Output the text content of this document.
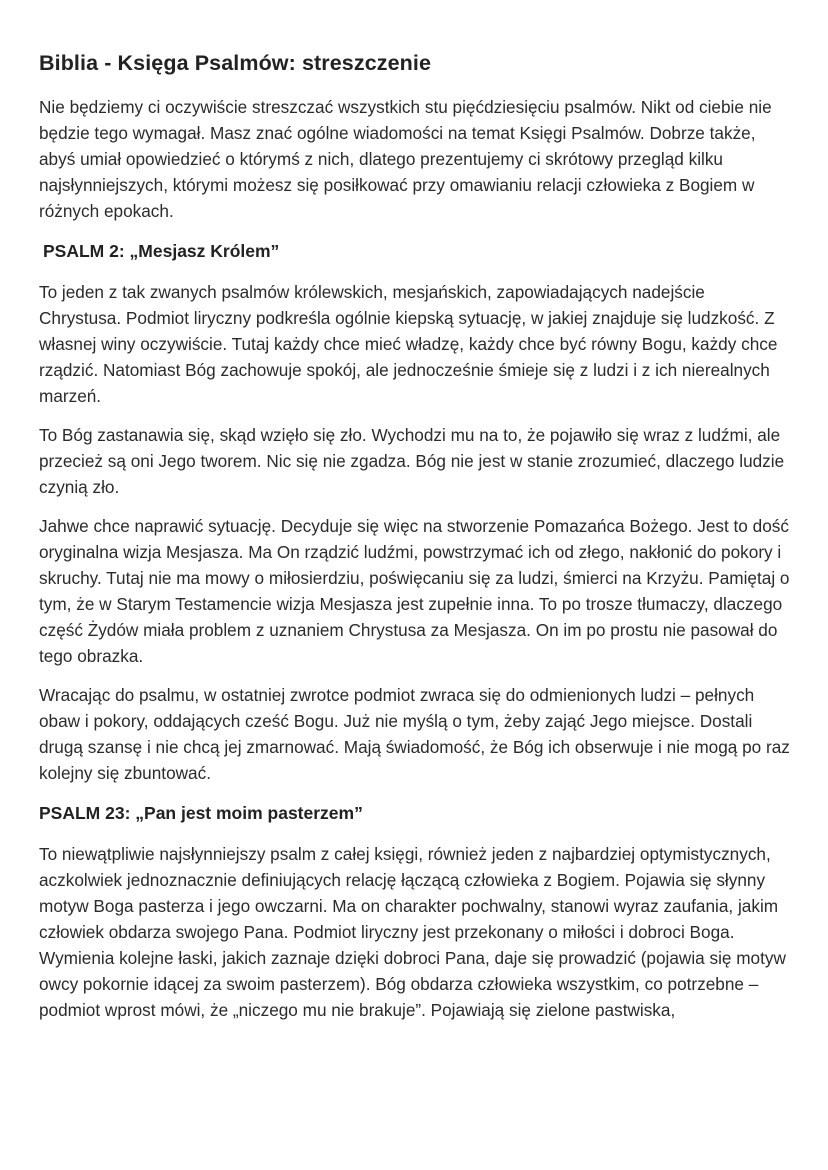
Biblia - Księga Psalmów: streszczenie

Nie będziemy ci oczywiście streszczać wszystkich stu pięćdziesięciu psalmów. Nikt od ciebie nie będzie tego wymagał. Masz znać ogólne wiadomości na temat Księgi Psalmów. Dobrze także, abyś umiał opowiedzieć o którymś z nich, dlatego prezentujemy ci skrótowy przegląd kilku najsłynniejszych, którymi możesz się posiłkować przy omawianiu relacji człowieka z Bogiem w różnych epokach.

PSALM 2: „Mesjasz Królem”

To jeden z tak zwanych psalmów królewskich, mesjańskich, zapowiadających nadejście Chrystusa. Podmiot liryczny podkreśla ogólnie kiepską sytuację, w jakiej znajduje się ludzkość. Z własnej winy oczywiście. Tutaj każdy chce mieć władzę, każdy chce być równy Bogu, każdy chce rządzić. Natomiast Bóg zachowuje spokój, ale jednocześnie śmieje się z ludzi i z ich nierealnych marzeń.

To Bóg zastanawia się, skąd wzięło się zło. Wychodzi mu na to, że pojawiło się wraz z ludźmi, ale przecież są oni Jego tworem. Nic się nie zgadza. Bóg nie jest w stanie zrozumieć, dlaczego ludzie czynią zło.

Jahwe chce naprawić sytuację. Decyduje się więc na stworzenie Pomazańca Bożego. Jest to dość oryginalna wizja Mesjasza. Ma On rządzić ludźmi, powstrzymać ich od złego, nakłonić do pokory i skruchy. Tutaj nie ma mowy o miłosierdziu, poświęcaniu się za ludzi, śmierci na Krzyżu. Pamiętaj o tym, że w Starym Testamencie wizja Mesjasza jest zupełnie inna. To po trosze tłumaczy, dlaczego część Żydów miała problem z uznaniem Chrystusa za Mesjasza. On im po prostu nie pasował do tego obrazka.

Wracając do psalmu, w ostatniej zwrotce podmiot zwraca się do odmienionych ludzi – pełnych obaw i pokory, oddających cześć Bogu. Już nie myślą o tym, żeby zająć Jego miejsce. Dostali drugą szansę i nie chcą jej zmarnować. Mają świadomość, że Bóg ich obserwuje i nie mogą po raz kolejny się zbuntować.

PSALM 23: „Pan jest moim pasterzem”

To niewątpliwie najsłynniejszy psalm z całej księgi, również jeden z najbardziej optymistycznych, aczkolwiek jednoznacznie definiujących relację łączącą człowieka z Bogiem. Pojawia się słynny motyw Boga pasterza i jego owczarni. Ma on charakter pochwalny, stanowi wyraz zaufania, jakim człowiek obdarza swojego Pana. Podmiot liryczny jest przekonany o miłości i dobroci Boga. Wymienia kolejne łaski, jakich zaznaje dzięki dobroci Pana, daje się prowadzić (pojawia się motyw owcy pokornie idącej za swoim pasterzem). Bóg obdarza człowieka wszystkim, co potrzebne – podmiot wprost mówi, że „niczego mu nie brakuje”. Pojawiają się zielone pastwiska,
